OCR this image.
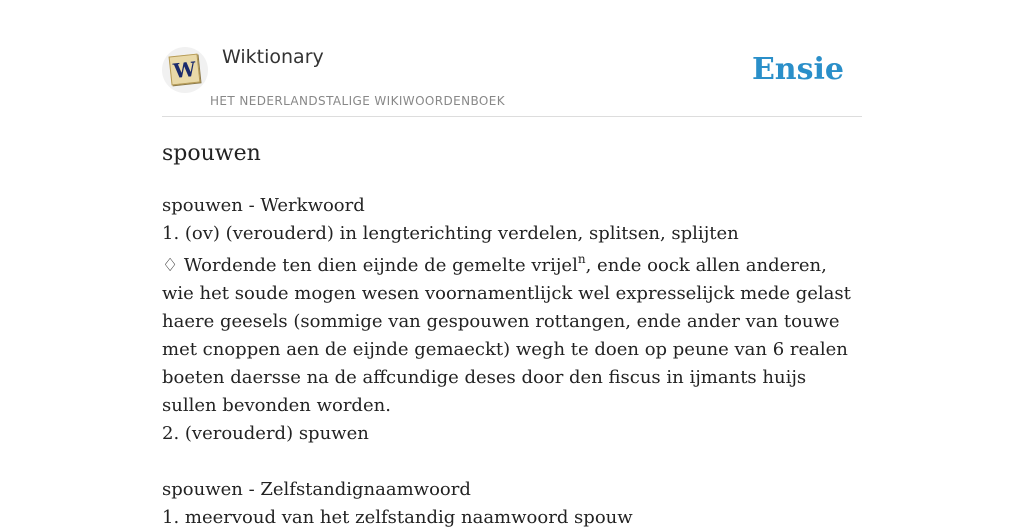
W Wiktionary
HET NEDERLANDSTALIGE WIKIWOORDENBOEK
Ensie
spouwen
spouwen - Werkwoord
1. (ov) (verouderd) in lengterichting verdelen, splitsen, splijten
♢ Wordende ten dien eijnde de gemelte vrijel$^n$, ende oock allen anderen, wie het soude mogen wesen voornamentlijck wel expresselijck mede gelast haere geesels (sommige van gespouwen rottangen, ende ander van touwe met cnoppen aen de eijnde gemaeckt) wegh te doen op peune van 6 realen boeten daersse na de affcundige deses door den fiscus in ijmants huijs sullen bevonden worden.
2. (verouderd) spuwen
spouwen - Zelfstandignaamwoord
1. meervoud van het zelfstandig naamwoord spouw
